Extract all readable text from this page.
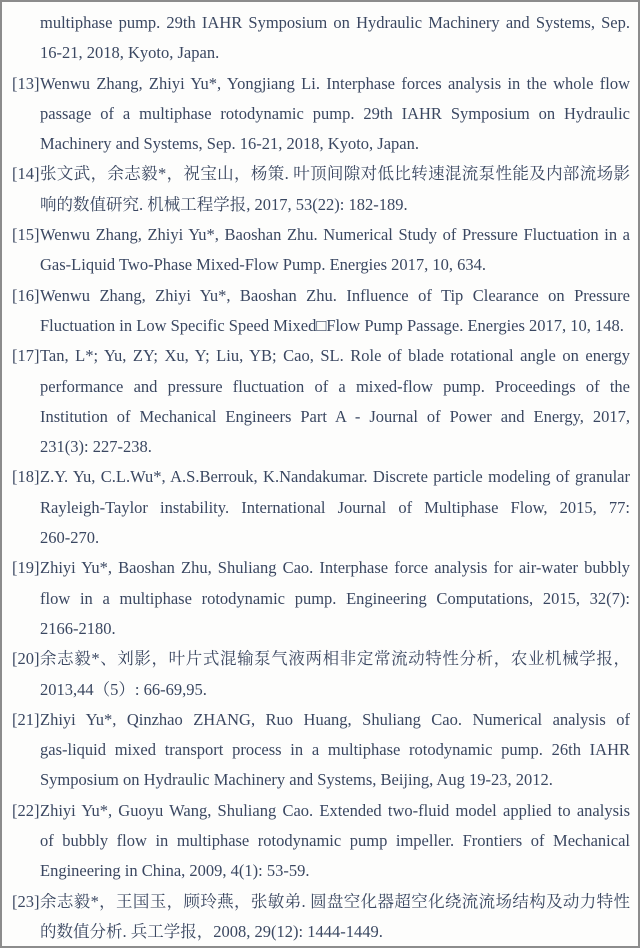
multiphase pump. 29th IAHR Symposium on Hydraulic Machinery and Systems, Sep.
16-21, 2018, Kyoto, Japan.
[13] Wenwu Zhang, Zhiyi Yu*, Yongjiang Li. Interphase forces analysis in the whole flow
passage of a multiphase rotodynamic pump. 29th IAHR Symposium on Hydraulic
Machinery and Systems, Sep. 16-21, 2018, Kyoto, Japan.
[14] 张文武，余志毅*，祝宝山，杨策. 叶顶间隙对低比转速混流泵性能及内部流场影
响的数值研究. 机械工程学报, 2017, 53(22): 182-189.
[15] Wenwu Zhang, Zhiyi Yu*, Baoshan Zhu. Numerical Study of Pressure Fluctuation in a
Gas-Liquid Two-Phase Mixed-Flow Pump. Energies 2017, 10, 634.
[16] Wenwu Zhang, Zhiyi Yu*, Baoshan Zhu. Influence of Tip Clearance on Pressure
Fluctuation in Low Specific Speed Mixed□Flow Pump Passage. Energies 2017, 10, 148.
[17] Tan, L*; Yu, ZY; Xu, Y; Liu, YB; Cao, SL. Role of blade rotational angle on energy
performance and pressure fluctuation of a mixed-flow pump. Proceedings of the
Institution of Mechanical Engineers Part A - Journal of Power and Energy, 2017,
231(3): 227-238.
[18] Z.Y. Yu, C.L.Wu*, A.S.Berrouk, K.Nandakumar. Discrete particle modeling of granular
Rayleigh-Taylor instability. International Journal of Multiphase Flow, 2015, 77:
260-270.
[19] Zhiyi Yu*, Baoshan Zhu, Shuliang Cao. Interphase force analysis for air-water bubbly
flow in a multiphase rotodynamic pump. Engineering Computations, 2015, 32(7):
2166-2180.
[20] 余志毅*、刘影，叶片式混输泵气液两相非定常流动特性分析，农业机械学报，
2013,44（5）: 66-69,95.
[21] Zhiyi Yu*, Qinzhao ZHANG, Ruo Huang, Shuliang Cao. Numerical analysis of
gas-liquid mixed transport process in a multiphase rotodynamic pump. 26th IAHR
Symposium on Hydraulic Machinery and Systems, Beijing, Aug 19-23, 2012.
[22] Zhiyi Yu*, Guoyu Wang, Shuliang Cao. Extended two-fluid model applied to analysis
of bubbly flow in multiphase rotodynamic pump impeller. Frontiers of Mechanical
Engineering in China, 2009, 4(1): 53-59.
[23] 余志毅*，王国玉，顾玲燕，张敏弟. 圆盘空化器超空化绕流流场结构及动力特性
的数值分析. 兵工学报，2008, 29(12): 1444-1449.
